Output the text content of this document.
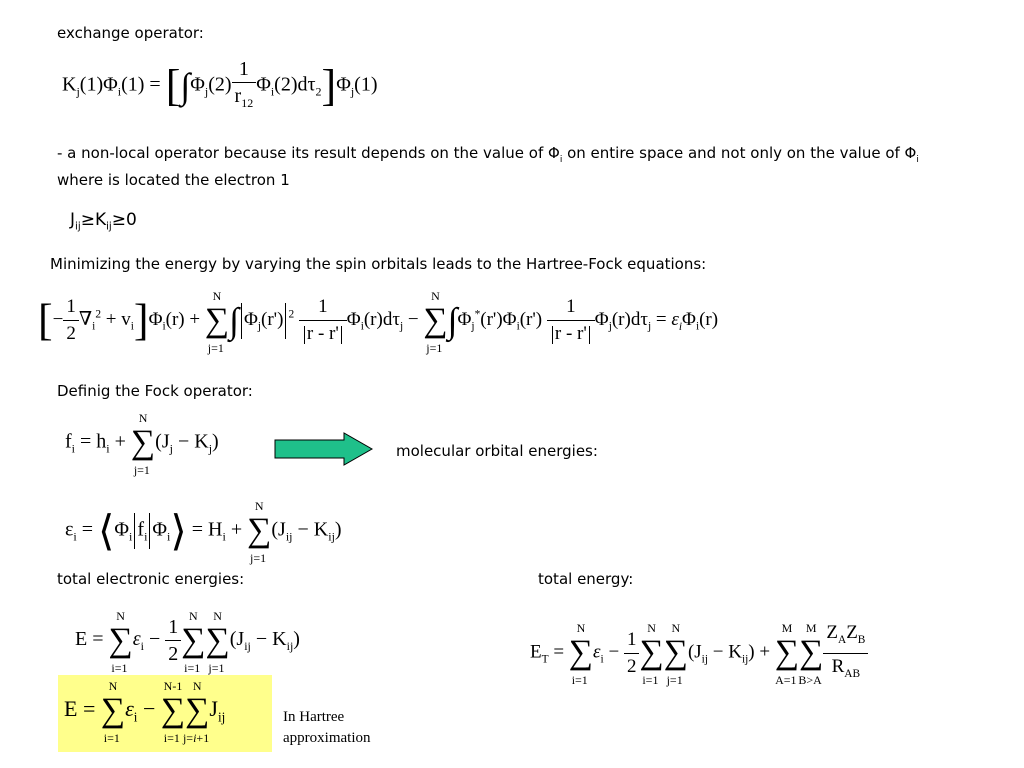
exchange operator:
$K_j(1)\Phi_i(1) = [\int\Phi_j(2) \frac{1}{r_{12}} \Phi_i(2)d\tau_2]\Phi_j(1)$
- a non-local operator because its result depends on the value of $\Phi_i$ on entire space and not only on the value of $\Phi_i$
where is located the electron 1
$J_{ij}\ge K_{ij}\ge 0$
Minimizing the energy by varying the spin orbitals leads to the Hartree-Fock equations:
[− $\frac{1}{2} \nabla_i^2 + v_i]\Phi_i(r)$ + ∑
N
j=1
∫ $\Phi_j(r')$ $^2 \frac{1}{r - r'} \Phi_i(r)d\tau_j$ − ∑
N
j=1
$\int\Phi_j^*(r')\Phi_i(r') \frac{1}{r - r'} \Phi_j(r)d\tau_j = \varepsilon_i\Phi_i(r)$
Definig the Fock operator:
$f_i = h_i$ + ∑
N
j=1
$(J_j - K_j)$	molecular orbital energies:
$\varepsilon_i$ = $⟨\Phi_i$ $f_i$ $\Phi_i⟩ = H_i$ + ∑
N
j=1
$(J_{ij} - K_{ij})$
total electronic energies:	total energy:
E = ∑
N
i=1
$\varepsilon_i - \frac{1}{2}$ ∑
N
i=1
∑
N
j=1
$(J_{ij} - K_{ij})$
$E_T$ = ∑
N
i=1
$\varepsilon_i - \frac{1}{2}$ ∑
N
i=1
∑
N
j=1
$(J_{ij} - K_{ij})$ + ∑
M
A=1
∑
M
$B>A \frac{Z_AZ_B}{R_{AB}}$
E = ∑
N
i=1
$\varepsilon_i$ − ∑
N-1
i=1
∑
N
j=i+1
$J_{ij}$	In Hartree
approximation
